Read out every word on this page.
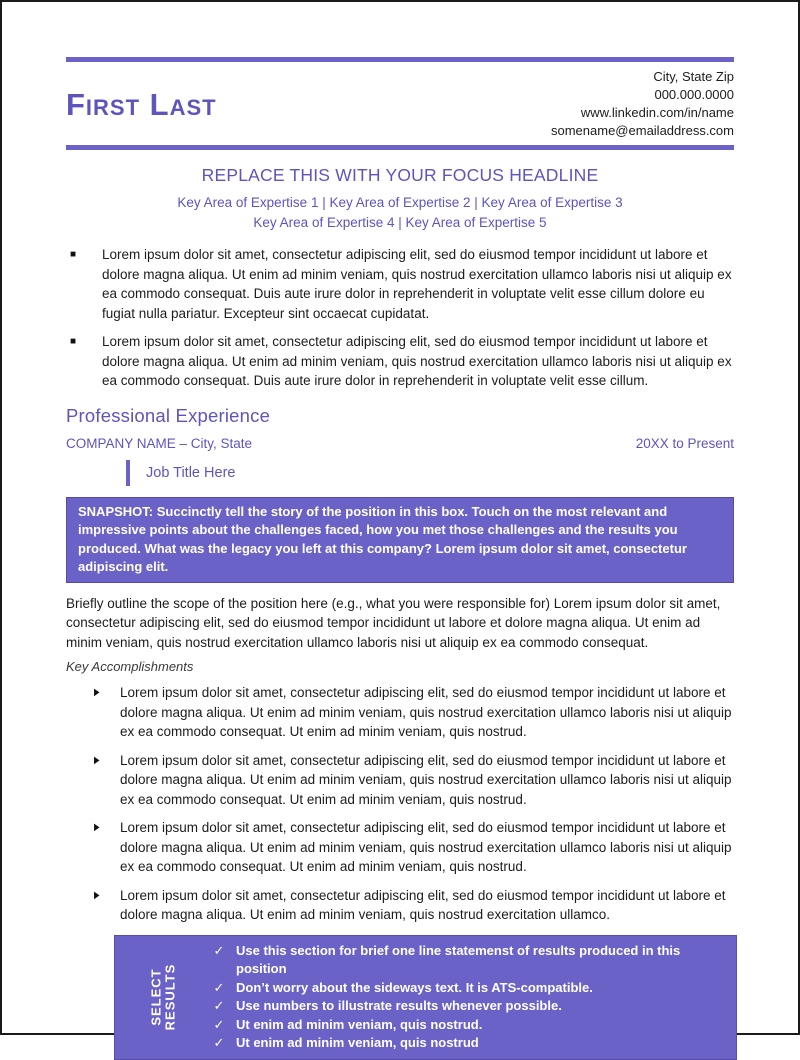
First Last
City, State Zip
000.000.0000
www.linkedin.com/in/name
somename@emailaddress.com
REPLACE THIS WITH YOUR FOCUS HEADLINE
Key Area of Expertise 1 | Key Area of Expertise 2 | Key Area of Expertise 3
Key Area of Expertise 4 | Key Area of Expertise 5
■ Lorem ipsum dolor sit amet, consectetur adipiscing elit, sed do eiusmod tempor incididunt ut labore et dolore magna aliqua. Ut enim ad minim veniam, quis nostrud exercitation ullamco laboris nisi ut aliquip ex ea commodo consequat. Duis aute irure dolor in reprehenderit in voluptate velit esse cillum dolore eu fugiat nulla pariatur. Excepteur sint occaecat cupidatat.
■ Lorem ipsum dolor sit amet, consectetur adipiscing elit, sed do eiusmod tempor incididunt ut labore et dolore magna aliqua. Ut enim ad minim veniam, quis nostrud exercitation ullamco laboris nisi ut aliquip ex ea commodo consequat. Duis aute irure dolor in reprehenderit in voluptate velit esse cillum.
Professional Experience
COMPANY NAME – City, State	20XX to Present
Job Title Here
SNAPSHOT: Succinctly tell the story of the position in this box. Touch on the most relevant and impressive points about the challenges faced, how you met those challenges and the results you produced. What was the legacy you left at this company? Lorem ipsum dolor sit amet, consectetur adipiscing elit.
Briefly outline the scope of the position here (e.g., what you were responsible for) Lorem ipsum dolor sit amet, consectetur adipiscing elit, sed do eiusmod tempor incididunt ut labore et dolore magna aliqua. Ut enim ad minim veniam, quis nostrud exercitation ullamco laboris nisi ut aliquip ex ea commodo consequat.
Key Accomplishments
▶ Lorem ipsum dolor sit amet, consectetur adipiscing elit, sed do eiusmod tempor incididunt ut labore et dolore magna aliqua. Ut enim ad minim veniam, quis nostrud exercitation ullamco laboris nisi ut aliquip ex ea commodo consequat. Ut enim ad minim veniam, quis nostrud.
▶ Lorem ipsum dolor sit amet, consectetur adipiscing elit, sed do eiusmod tempor incididunt ut labore et dolore magna aliqua. Ut enim ad minim veniam, quis nostrud exercitation ullamco laboris nisi ut aliquip ex ea commodo consequat. Ut enim ad minim veniam, quis nostrud.
▶ Lorem ipsum dolor sit amet, consectetur adipiscing elit, sed do eiusmod tempor incididunt ut labore et dolore magna aliqua. Ut enim ad minim veniam, quis nostrud exercitation ullamco laboris nisi ut aliquip ex ea commodo consequat. Ut enim ad minim veniam, quis nostrud.
▶ Lorem ipsum dolor sit amet, consectetur adipiscing elit, sed do eiusmod tempor incididunt ut labore et dolore magna aliqua. Ut enim ad minim veniam, quis nostrud exercitation ullamco.
SELECT RESULTS
✓ Use this section for brief one line statemenst of results produced in this position
✓ Don’t worry about the sideways text. It is ATS-compatible.
✓ Use numbers to illustrate results whenever possible.
✓ Ut enim ad minim veniam, quis nostrud.
✓ Ut enim ad minim veniam, quis nostrud
